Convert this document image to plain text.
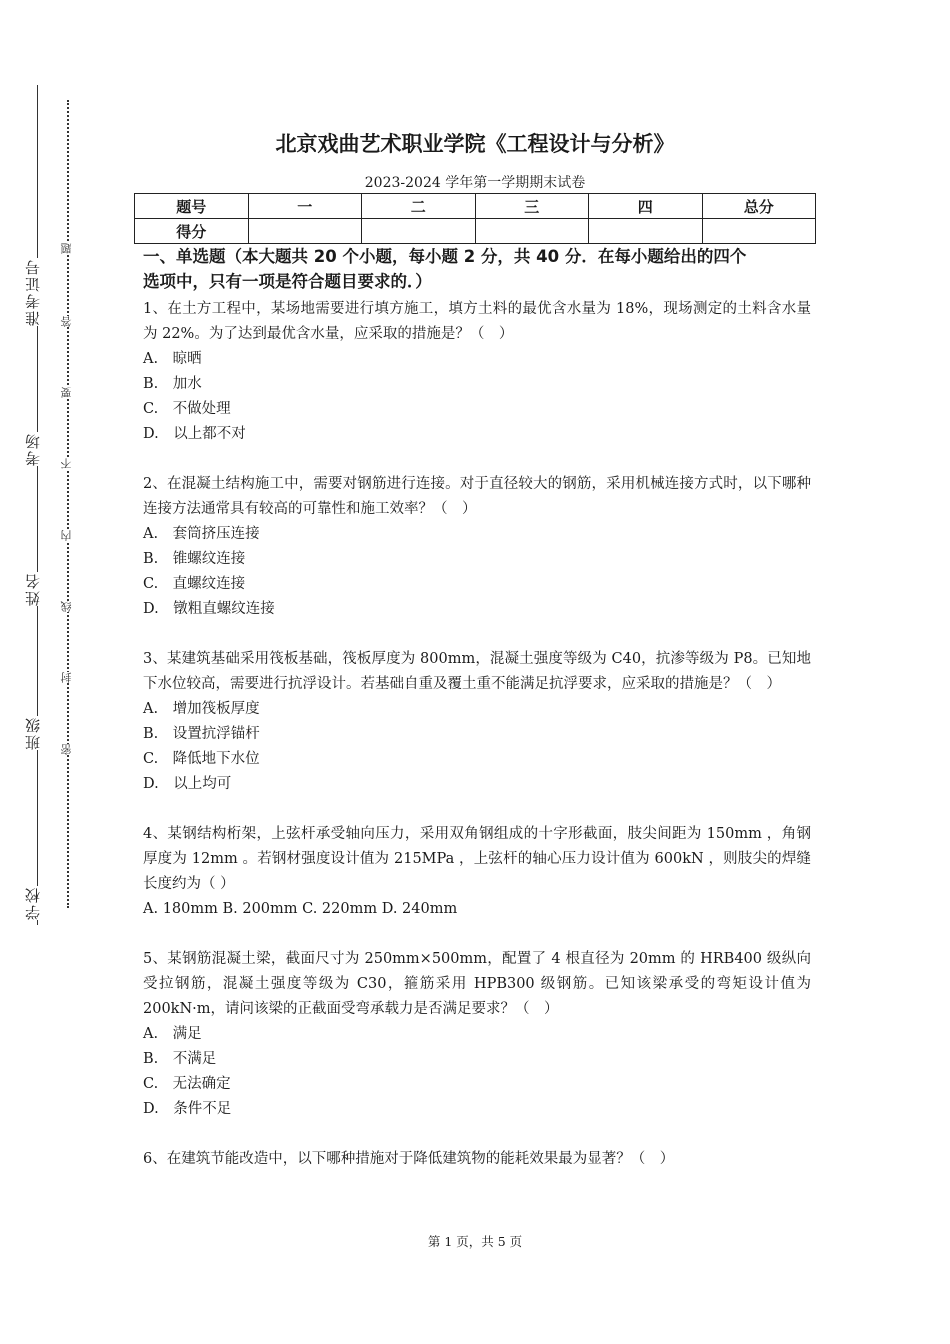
准考证号
考场
姓名
班级
学校
题
答
要
不
内
线
封
密
北京戏曲艺术职业学院《工程设计与分析》
2023-2024 学年第一学期期末试卷
题号	一	二	三	四	总分
得分					
一、单选题（本大题共 20 个小题，每小题 2 分，共 40 分．在每小题给出的四个
选项中，只有一项是符合题目要求的．）

1、在土方工程中，某场地需要进行填方施工，填方土料的最优含水量为 18%，现场测定的土料含水量为 22%。为了达到最优含水量，应采取的措施是？（　）

A.　晾晒

B.　加水

C.　不做处理

D.　以上都不对

2、在混凝土结构施工中，需要对钢筋进行连接。对于直径较大的钢筋，采用机械连接方式时，以下哪种连接方法通常具有较高的可靠性和施工效率？（　）

A.　套筒挤压连接

B.　锥螺纹连接

C.　直螺纹连接

D.　镦粗直螺纹连接

3、某建筑基础采用筏板基础，筏板厚度为 800mm，混凝土强度等级为 C40，抗渗等级为 P8。已知地下水位较高，需要进行抗浮设计。若基础自重及覆土重不能满足抗浮要求，应采取的措施是？（　）

A.　增加筏板厚度

B.　设置抗浮锚杆

C.　降低地下水位

D.　以上均可

4、某钢结构桁架，上弦杆承受轴向压力，采用双角钢组成的十字形截面，肢尖间距为 150mm ，角钢厚度为 12mm 。若钢材强度设计值为 215MPa ，上弦杆的轴心压力设计值为 600kN ，则肢尖的焊缝长度约为（ ）

A. 180mm B. 200mm C. 220mm D. 240mm

5、某钢筋混凝土梁，截面尺寸为 250mm×500mm，配置了 4 根直径为 20mm 的 HRB400 级纵向受拉钢筋，混凝土强度等级为 C30，箍筋采用 HPB300 级钢筋。已知该梁承受的弯矩设计值为 200kN·m，请问该梁的正截面受弯承载力是否满足要求？（　）

A.　满足

B.　不满足

C.　无法确定

D.　条件不足

6、在建筑节能改造中，以下哪种措施对于降低建筑物的能耗效果最为显著？（　）

第 1 页，共 5 页
